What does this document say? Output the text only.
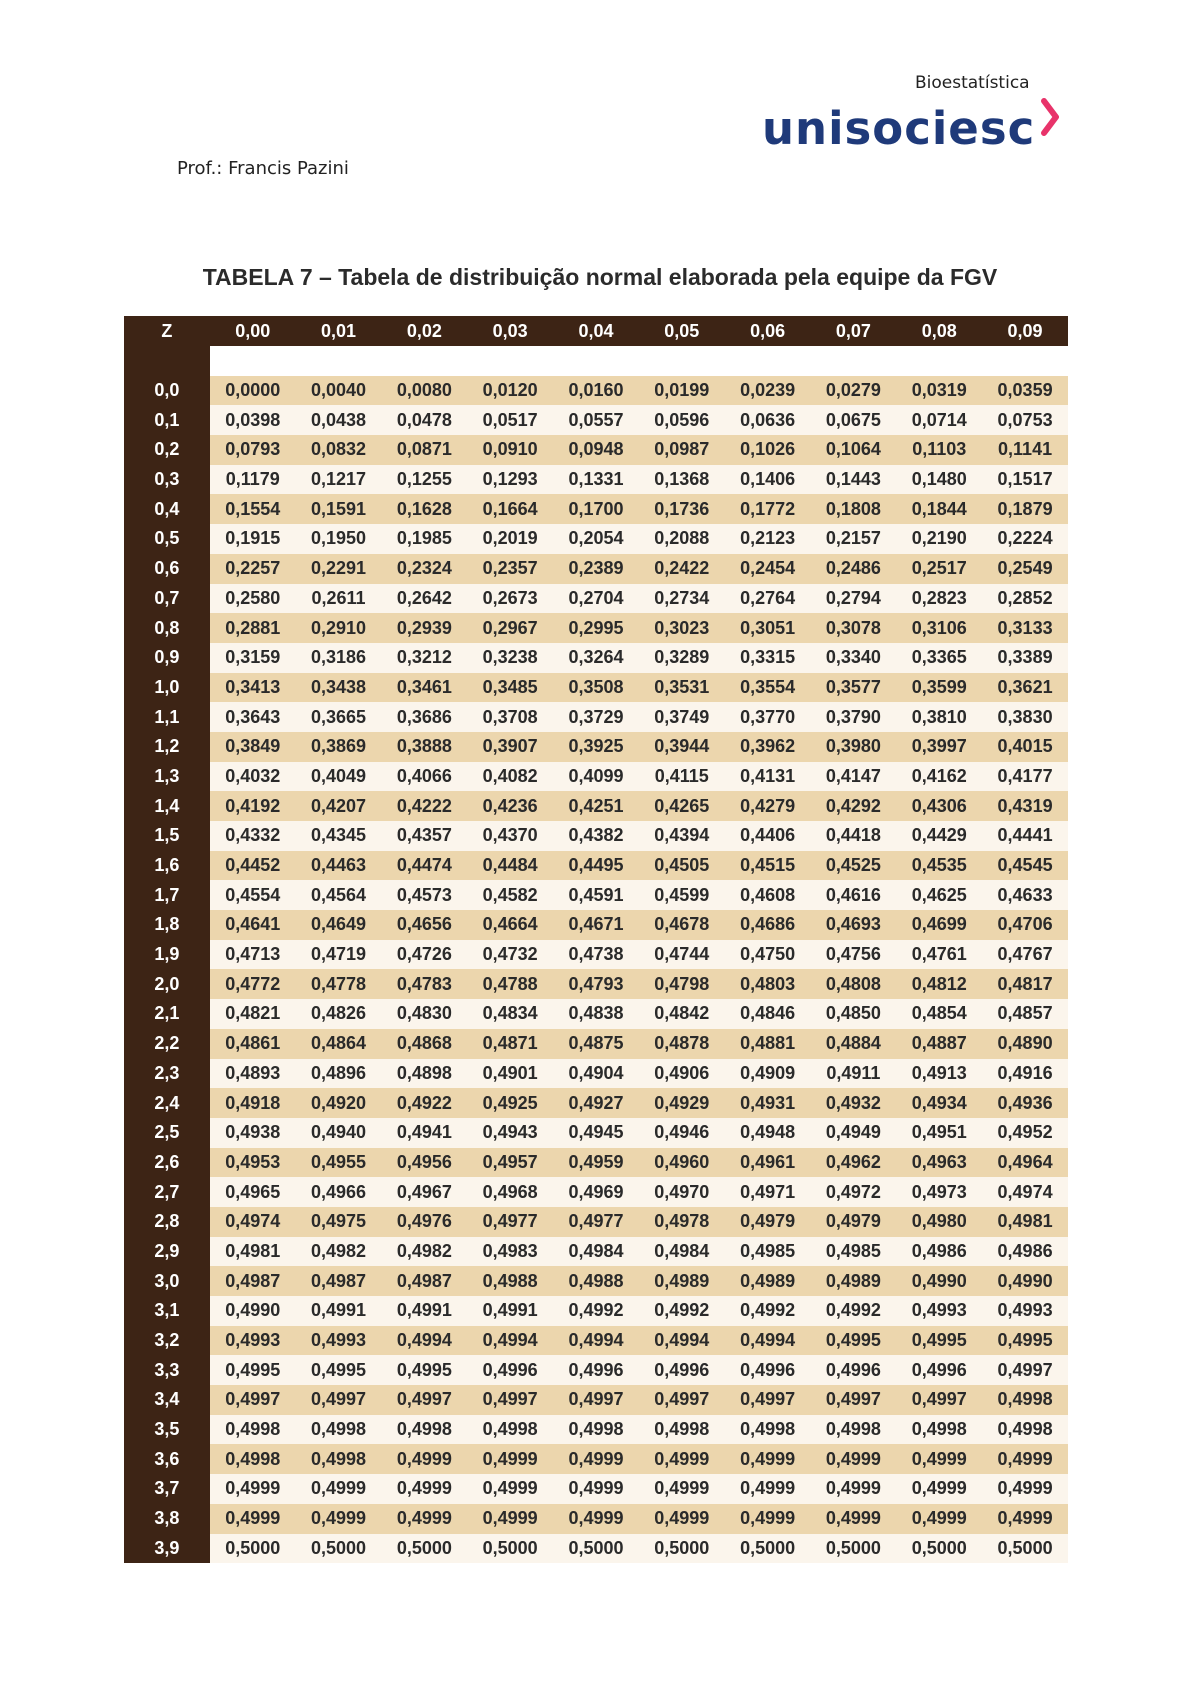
Bioestatística
unisociesc
Prof.: Francis Pazini
TABELA 7 – Tabela de distribuição normal elaborada pela equipe da FGV
Z	0,00	0,01	0,02	0,03	0,04	0,05	0,06	0,07	0,08	0,09

0,0	0,0000	0,0040	0,0080	0,0120	0,0160	0,0199	0,0239	0,0279	0,0319	0,0359
0,1	0,0398	0,0438	0,0478	0,0517	0,0557	0,0596	0,0636	0,0675	0,0714	0,0753
0,2	0,0793	0,0832	0,0871	0,0910	0,0948	0,0987	0,1026	0,1064	0,1103	0,1141
0,3	0,1179	0,1217	0,1255	0,1293	0,1331	0,1368	0,1406	0,1443	0,1480	0,1517
0,4	0,1554	0,1591	0,1628	0,1664	0,1700	0,1736	0,1772	0,1808	0,1844	0,1879
0,5	0,1915	0,1950	0,1985	0,2019	0,2054	0,2088	0,2123	0,2157	0,2190	0,2224
0,6	0,2257	0,2291	0,2324	0,2357	0,2389	0,2422	0,2454	0,2486	0,2517	0,2549
0,7	0,2580	0,2611	0,2642	0,2673	0,2704	0,2734	0,2764	0,2794	0,2823	0,2852
0,8	0,2881	0,2910	0,2939	0,2967	0,2995	0,3023	0,3051	0,3078	0,3106	0,3133
0,9	0,3159	0,3186	0,3212	0,3238	0,3264	0,3289	0,3315	0,3340	0,3365	0,3389
1,0	0,3413	0,3438	0,3461	0,3485	0,3508	0,3531	0,3554	0,3577	0,3599	0,3621
1,1	0,3643	0,3665	0,3686	0,3708	0,3729	0,3749	0,3770	0,3790	0,3810	0,3830
1,2	0,3849	0,3869	0,3888	0,3907	0,3925	0,3944	0,3962	0,3980	0,3997	0,4015
1,3	0,4032	0,4049	0,4066	0,4082	0,4099	0,4115	0,4131	0,4147	0,4162	0,4177
1,4	0,4192	0,4207	0,4222	0,4236	0,4251	0,4265	0,4279	0,4292	0,4306	0,4319
1,5	0,4332	0,4345	0,4357	0,4370	0,4382	0,4394	0,4406	0,4418	0,4429	0,4441
1,6	0,4452	0,4463	0,4474	0,4484	0,4495	0,4505	0,4515	0,4525	0,4535	0,4545
1,7	0,4554	0,4564	0,4573	0,4582	0,4591	0,4599	0,4608	0,4616	0,4625	0,4633
1,8	0,4641	0,4649	0,4656	0,4664	0,4671	0,4678	0,4686	0,4693	0,4699	0,4706
1,9	0,4713	0,4719	0,4726	0,4732	0,4738	0,4744	0,4750	0,4756	0,4761	0,4767
2,0	0,4772	0,4778	0,4783	0,4788	0,4793	0,4798	0,4803	0,4808	0,4812	0,4817
2,1	0,4821	0,4826	0,4830	0,4834	0,4838	0,4842	0,4846	0,4850	0,4854	0,4857
2,2	0,4861	0,4864	0,4868	0,4871	0,4875	0,4878	0,4881	0,4884	0,4887	0,4890
2,3	0,4893	0,4896	0,4898	0,4901	0,4904	0,4906	0,4909	0,4911	0,4913	0,4916
2,4	0,4918	0,4920	0,4922	0,4925	0,4927	0,4929	0,4931	0,4932	0,4934	0,4936
2,5	0,4938	0,4940	0,4941	0,4943	0,4945	0,4946	0,4948	0,4949	0,4951	0,4952
2,6	0,4953	0,4955	0,4956	0,4957	0,4959	0,4960	0,4961	0,4962	0,4963	0,4964
2,7	0,4965	0,4966	0,4967	0,4968	0,4969	0,4970	0,4971	0,4972	0,4973	0,4974
2,8	0,4974	0,4975	0,4976	0,4977	0,4977	0,4978	0,4979	0,4979	0,4980	0,4981
2,9	0,4981	0,4982	0,4982	0,4983	0,4984	0,4984	0,4985	0,4985	0,4986	0,4986
3,0	0,4987	0,4987	0,4987	0,4988	0,4988	0,4989	0,4989	0,4989	0,4990	0,4990
3,1	0,4990	0,4991	0,4991	0,4991	0,4992	0,4992	0,4992	0,4992	0,4993	0,4993
3,2	0,4993	0,4993	0,4994	0,4994	0,4994	0,4994	0,4994	0,4995	0,4995	0,4995
3,3	0,4995	0,4995	0,4995	0,4996	0,4996	0,4996	0,4996	0,4996	0,4996	0,4997
3,4	0,4997	0,4997	0,4997	0,4997	0,4997	0,4997	0,4997	0,4997	0,4997	0,4998
3,5	0,4998	0,4998	0,4998	0,4998	0,4998	0,4998	0,4998	0,4998	0,4998	0,4998
3,6	0,4998	0,4998	0,4999	0,4999	0,4999	0,4999	0,4999	0,4999	0,4999	0,4999
3,7	0,4999	0,4999	0,4999	0,4999	0,4999	0,4999	0,4999	0,4999	0,4999	0,4999
3,8	0,4999	0,4999	0,4999	0,4999	0,4999	0,4999	0,4999	0,4999	0,4999	0,4999
3,9	0,5000	0,5000	0,5000	0,5000	0,5000	0,5000	0,5000	0,5000	0,5000	0,5000
